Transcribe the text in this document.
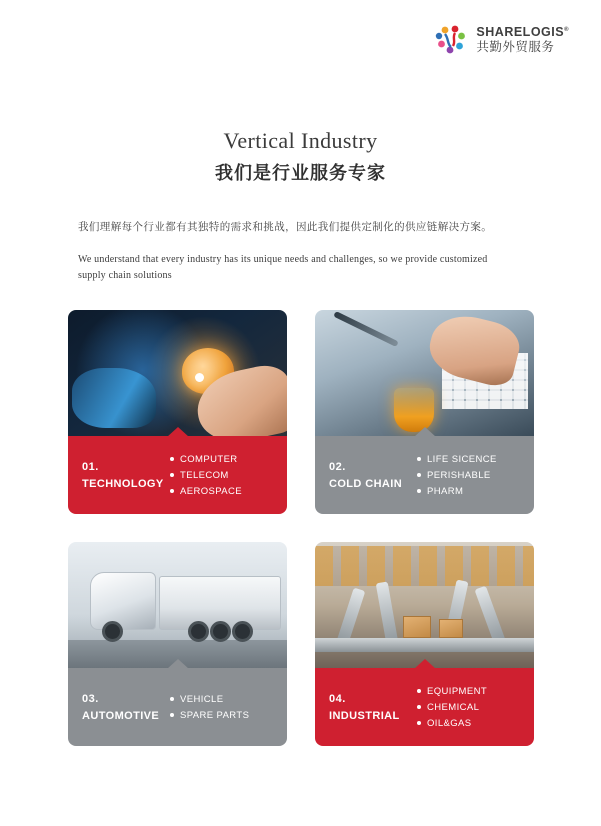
SHARELOGIS®
共勤外贸服务
Vertical Industry
我们是行业服务专家
我们理解每个行业都有其独特的需求和挑战，因此我们提供定制化的供应链解决方案。
We understand that every industry has its unique needs and challenges, so we provide customized supply chain solutions
01.
TECHNOLOGY
COMPUTER
TELECOM
AEROSPACE
02.
COLD CHAIN
LIFE SICENCE
PERISHABLE
PHARM
03.
AUTOMOTIVE
VEHICLE
SPARE PARTS
04.
INDUSTRIAL
EQUIPMENT
CHEMICAL
OIL&GAS
